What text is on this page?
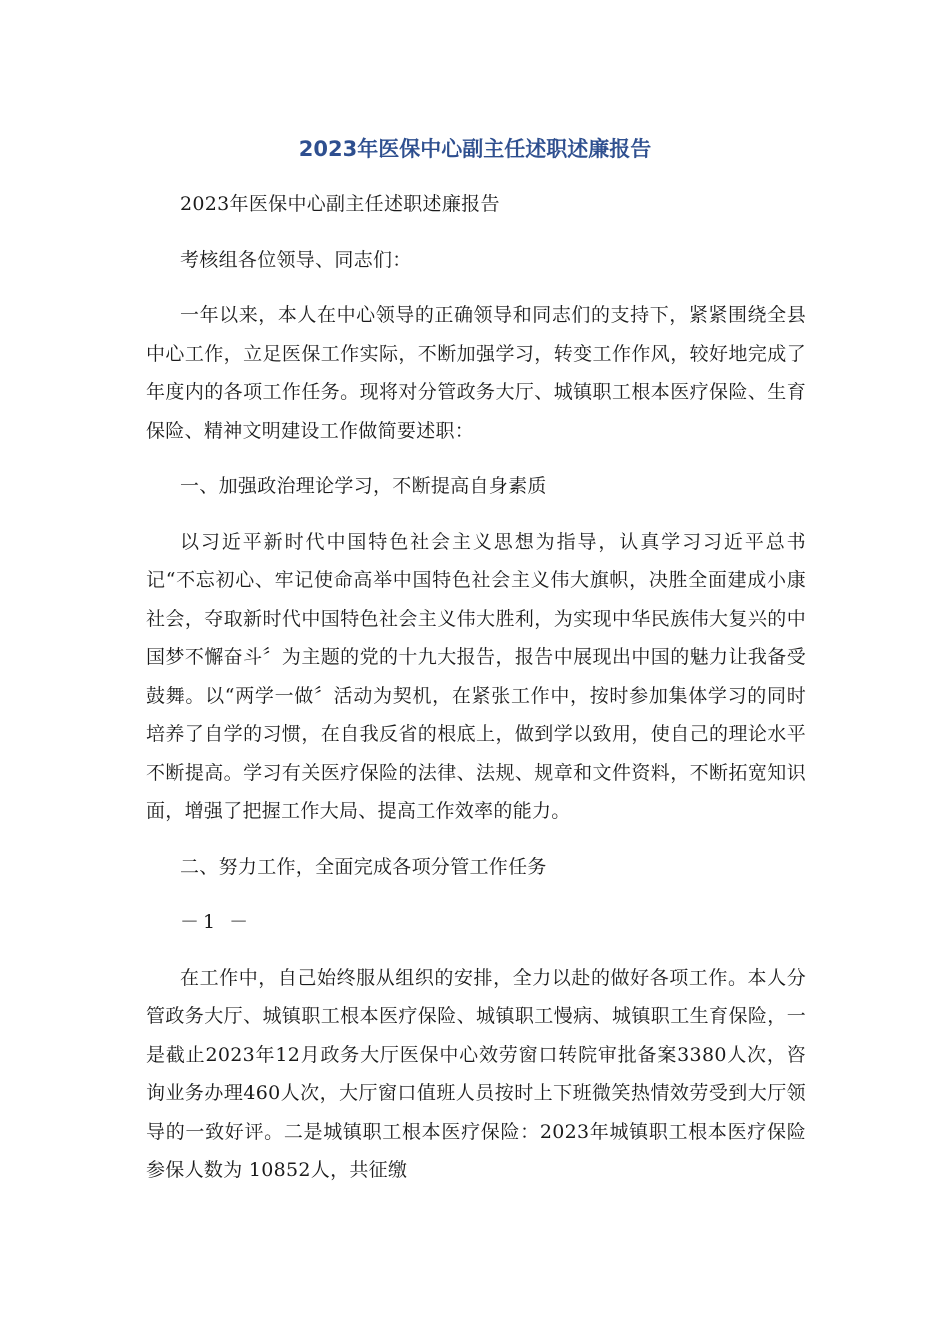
2023年医保中心副主任述职述廉报告

2023年医保中心副主任述职述廉报告

考核组各位领导、同志们：

一年以来，本人在中心领导的正确领导和同志们的支持下，紧紧围绕全县中心工作，立足医保工作实际，不断加强学习，转变工作作风，较好地完成了年度内的各项工作任务。现将对分管政务大厅、城镇职工根本医疗保险、生育保险、精神文明建设工作做简要述职：

一、加强政治理论学习，不断提高自身素质

以习近平新时代中国特色社会主义思想为指导，认真学习习近平总书记“不忘初心、牢记使命高举中国特色社会主义伟大旗帜，决胜全面建成小康社会，夺取新时代中国特色社会主义伟大胜利，为实现中华民族伟大复兴的中国梦不懈奋斗〞为主题的党的十九大报告，报告中展现出中国的魅力让我备受鼓舞。以“两学一做〞活动为契机，在紧张工作中，按时参加集体学习的同时培养了自学的习惯，在自我反省的根底上，做到学以致用，使自己的理论水平不断提高。学习有关医疗保险的法律、法规、规章和文件资料，不断拓宽知识面，增强了把握工作大局、提高工作效率的能力。

二、努力工作，全面完成各项分管工作任务

－1 －

在工作中，自己始终服从组织的安排，全力以赴的做好各项工作。本人分管政务大厅、城镇职工根本医疗保险、城镇职工慢病、城镇职工生育保险，一是截止2023年12月政务大厅医保中心效劳窗口转院审批备案3380人次，咨询业务办理460人次，大厅窗口值班人员按时上下班微笑热情效劳受到大厅领导的一致好评。二是城镇职工根本医疗保险：2023年城镇职工根本医疗保险参保人数为 10852人，共征缴
